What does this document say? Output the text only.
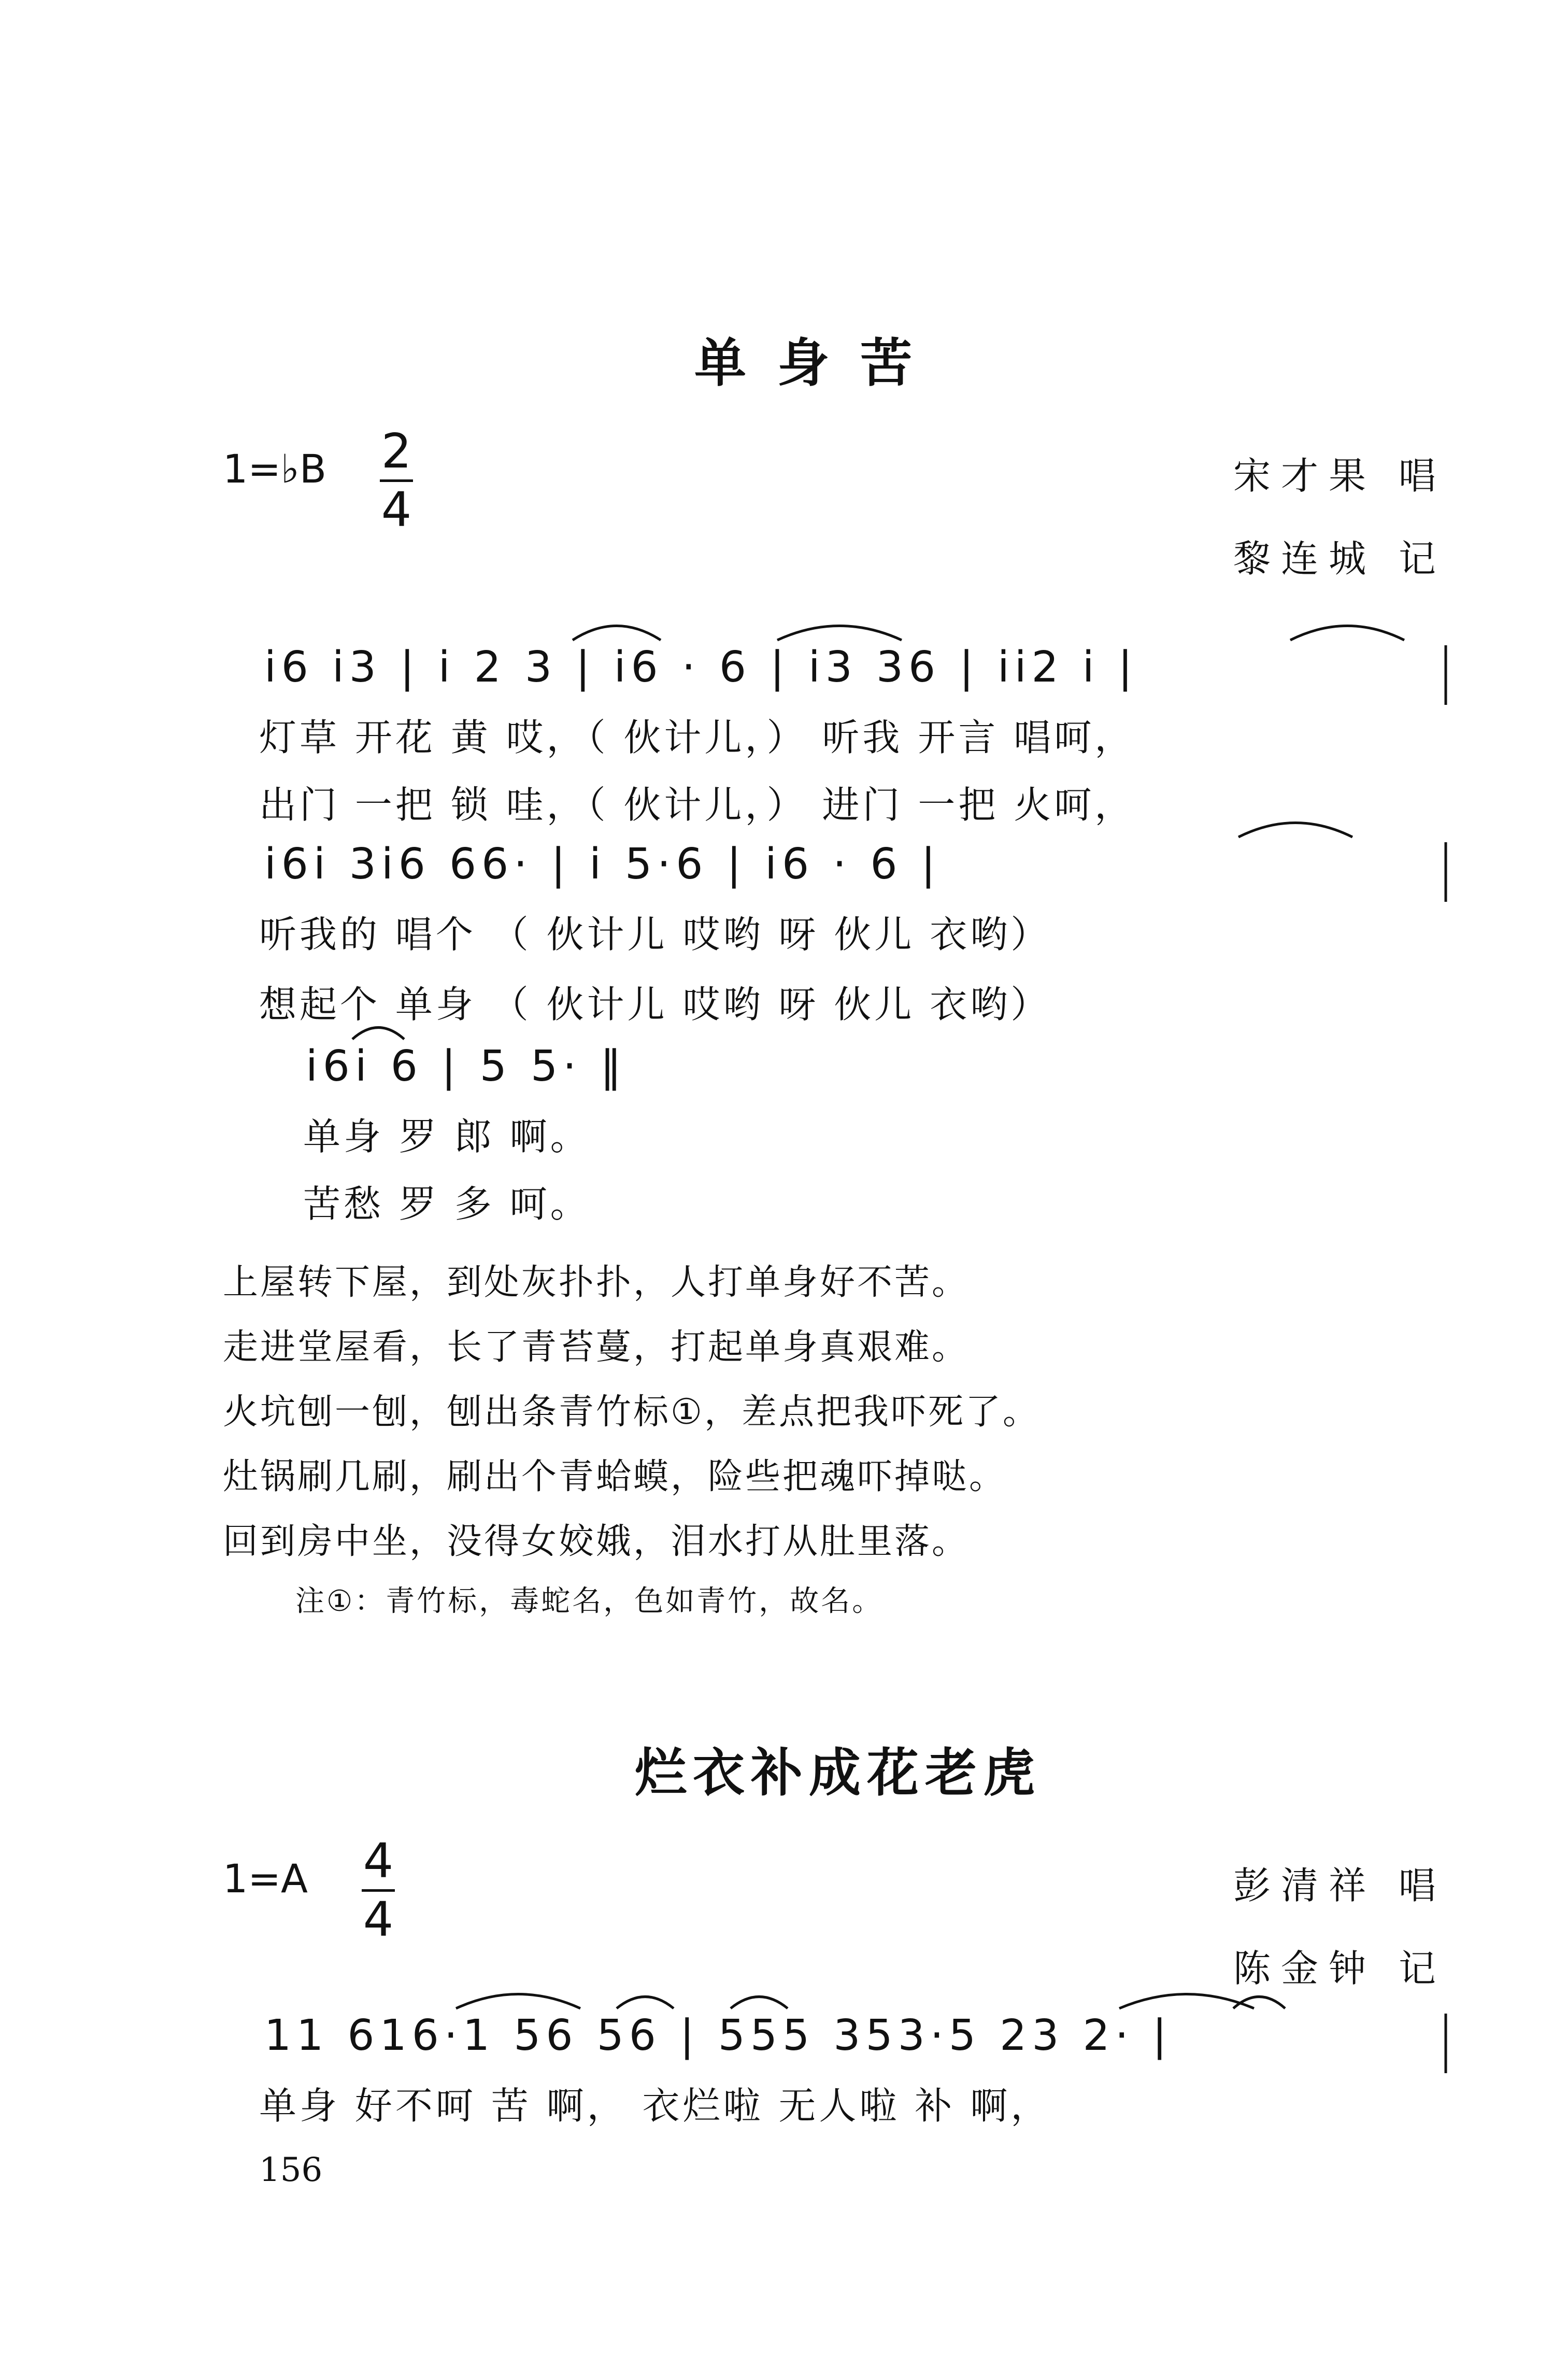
单身苦
1=♭B 2
4
宋才果 唱
黎连城 记
i6 i3 | i 2 3 | i6 · 6 | i3 36 | ii2 i |
灯草 开花 黄 哎，（ 伙计儿，） 听我 开言 唱呵，
出门 一把 锁 哇，（ 伙计儿，） 进门 一把 火呵，
i6i 3i6 66· | i 5·6 | i6 · 6 |
听我的 唱个 （ 伙计儿 哎哟 呀 伙儿 衣哟）
想起个 单身 （ 伙计儿 哎哟 呀 伙儿 衣哟）
i6i 6 | 5 5· ‖
单身 罗 郎 啊。
苦愁 罗 多 呵。
上屋转下屋，到处灰扑扑，人打单身好不苦。
走进堂屋看，长了青苔蔓，打起单身真艰难。
火坑刨一刨，刨出条青竹标①，差点把我吓死了。
灶锅刷几刷，刷出个青蛤蟆，险些把魂吓掉哒。
回到房中坐，没得女姣娥，泪水打从肚里落。
注①：青竹标，毒蛇名，色如青竹，故名。
烂衣补成花老虎
1=A 4
4
彭清祥 唱
陈金钟 记
11 616·1 56 56 | 555 353·5 23 2· |
单身 好不呵 苦 啊， 衣烂啦 无人啦 补 啊，
156
